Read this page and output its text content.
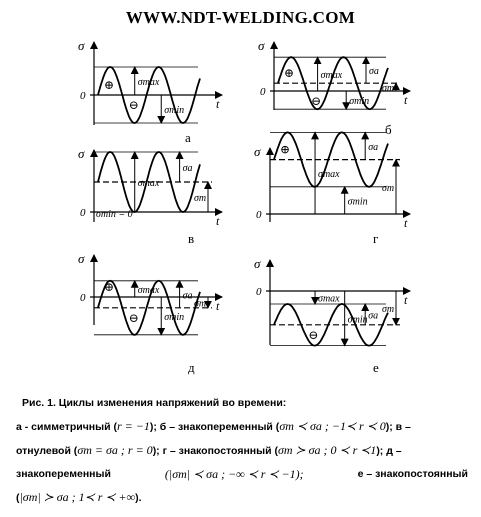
WWW.NDT-WELDING.COM
σ
t
0
σmax
σmin
⊕
⊖
а
σ
t
0
σmax
σmin
σa
σm
⊕
⊖
б
σ
t
0
σmax
σa
σm
σmin = 0
в
σ
t
0
σmax
σmin
σa
σm
⊕
г
σ
t
0
σmax
σmin
σa
σm
⊕
⊖
д
σ
t
0
σmax
σmin σa
σm
⊖
е
Рис. 1. Циклы изменения напряжений во времени:
а - симметричный (r = −1); б – знакопеременный (σm ≺ σa ; −1≺ r ≺ 0); в –
отнулевой (σm = σa ; r = 0); г – знакопостоянный (σm ≻ σa ; 0 ≺ r ≺1); д –
знакопеременный	(|σm| ≺ σa ; −∞ ≺ r ≺ −1);	е – знакопостоянный
(|σm| ≻ σa ; 1≺ r ≺ +∞).
